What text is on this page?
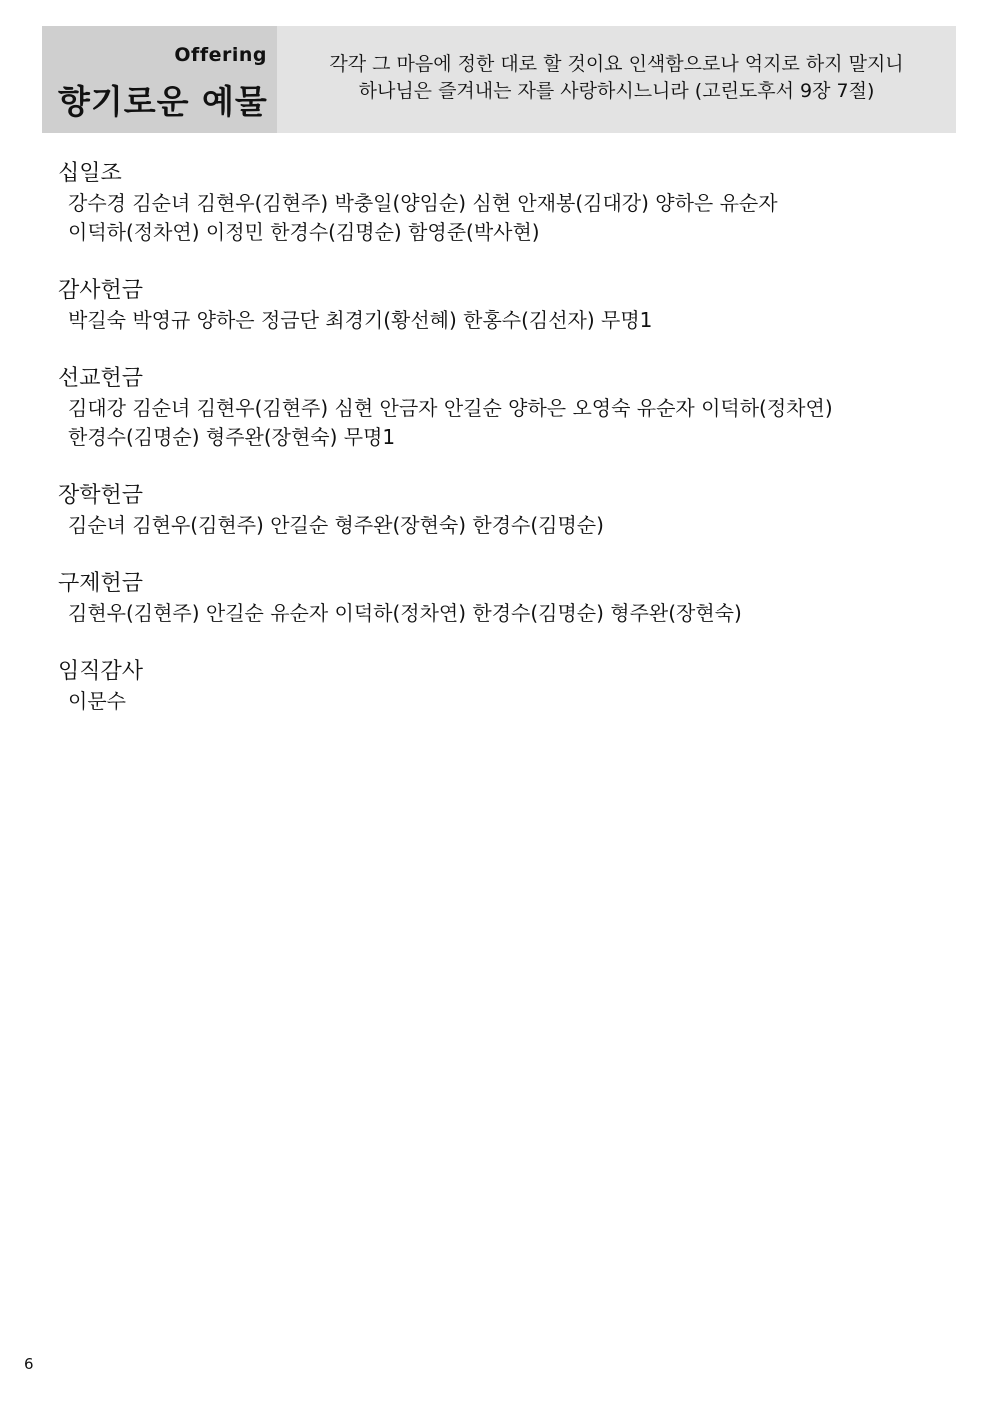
Offering
향기로운 예물
각각 그 마음에 정한 대로 할 것이요 인색함으로나 억지로 하지 말지니
하나님은 즐겨내는 자를 사랑하시느니라 (고린도후서 9장 7절)
십일조
강수경 김순녀 김현우(김현주) 박충일(양임순) 심현 안재봉(김대강) 양하은 유순자
이덕하(정차연) 이정민 한경수(김명순) 함영준(박사현)
감사헌금
박길숙 박영규 양하은 정금단 최경기(황선혜) 한홍수(김선자) 무명1
선교헌금
김대강 김순녀 김현우(김현주) 심현 안금자 안길순 양하은 오영숙 유순자 이덕하(정차연)
한경수(김명순) 형주완(장현숙) 무명1
장학헌금
김순녀 김현우(김현주) 안길순 형주완(장현숙) 한경수(김명순)
구제헌금
김현우(김현주) 안길순 유순자 이덕하(정차연) 한경수(김명순) 형주완(장현숙)
임직감사
이문수
6
